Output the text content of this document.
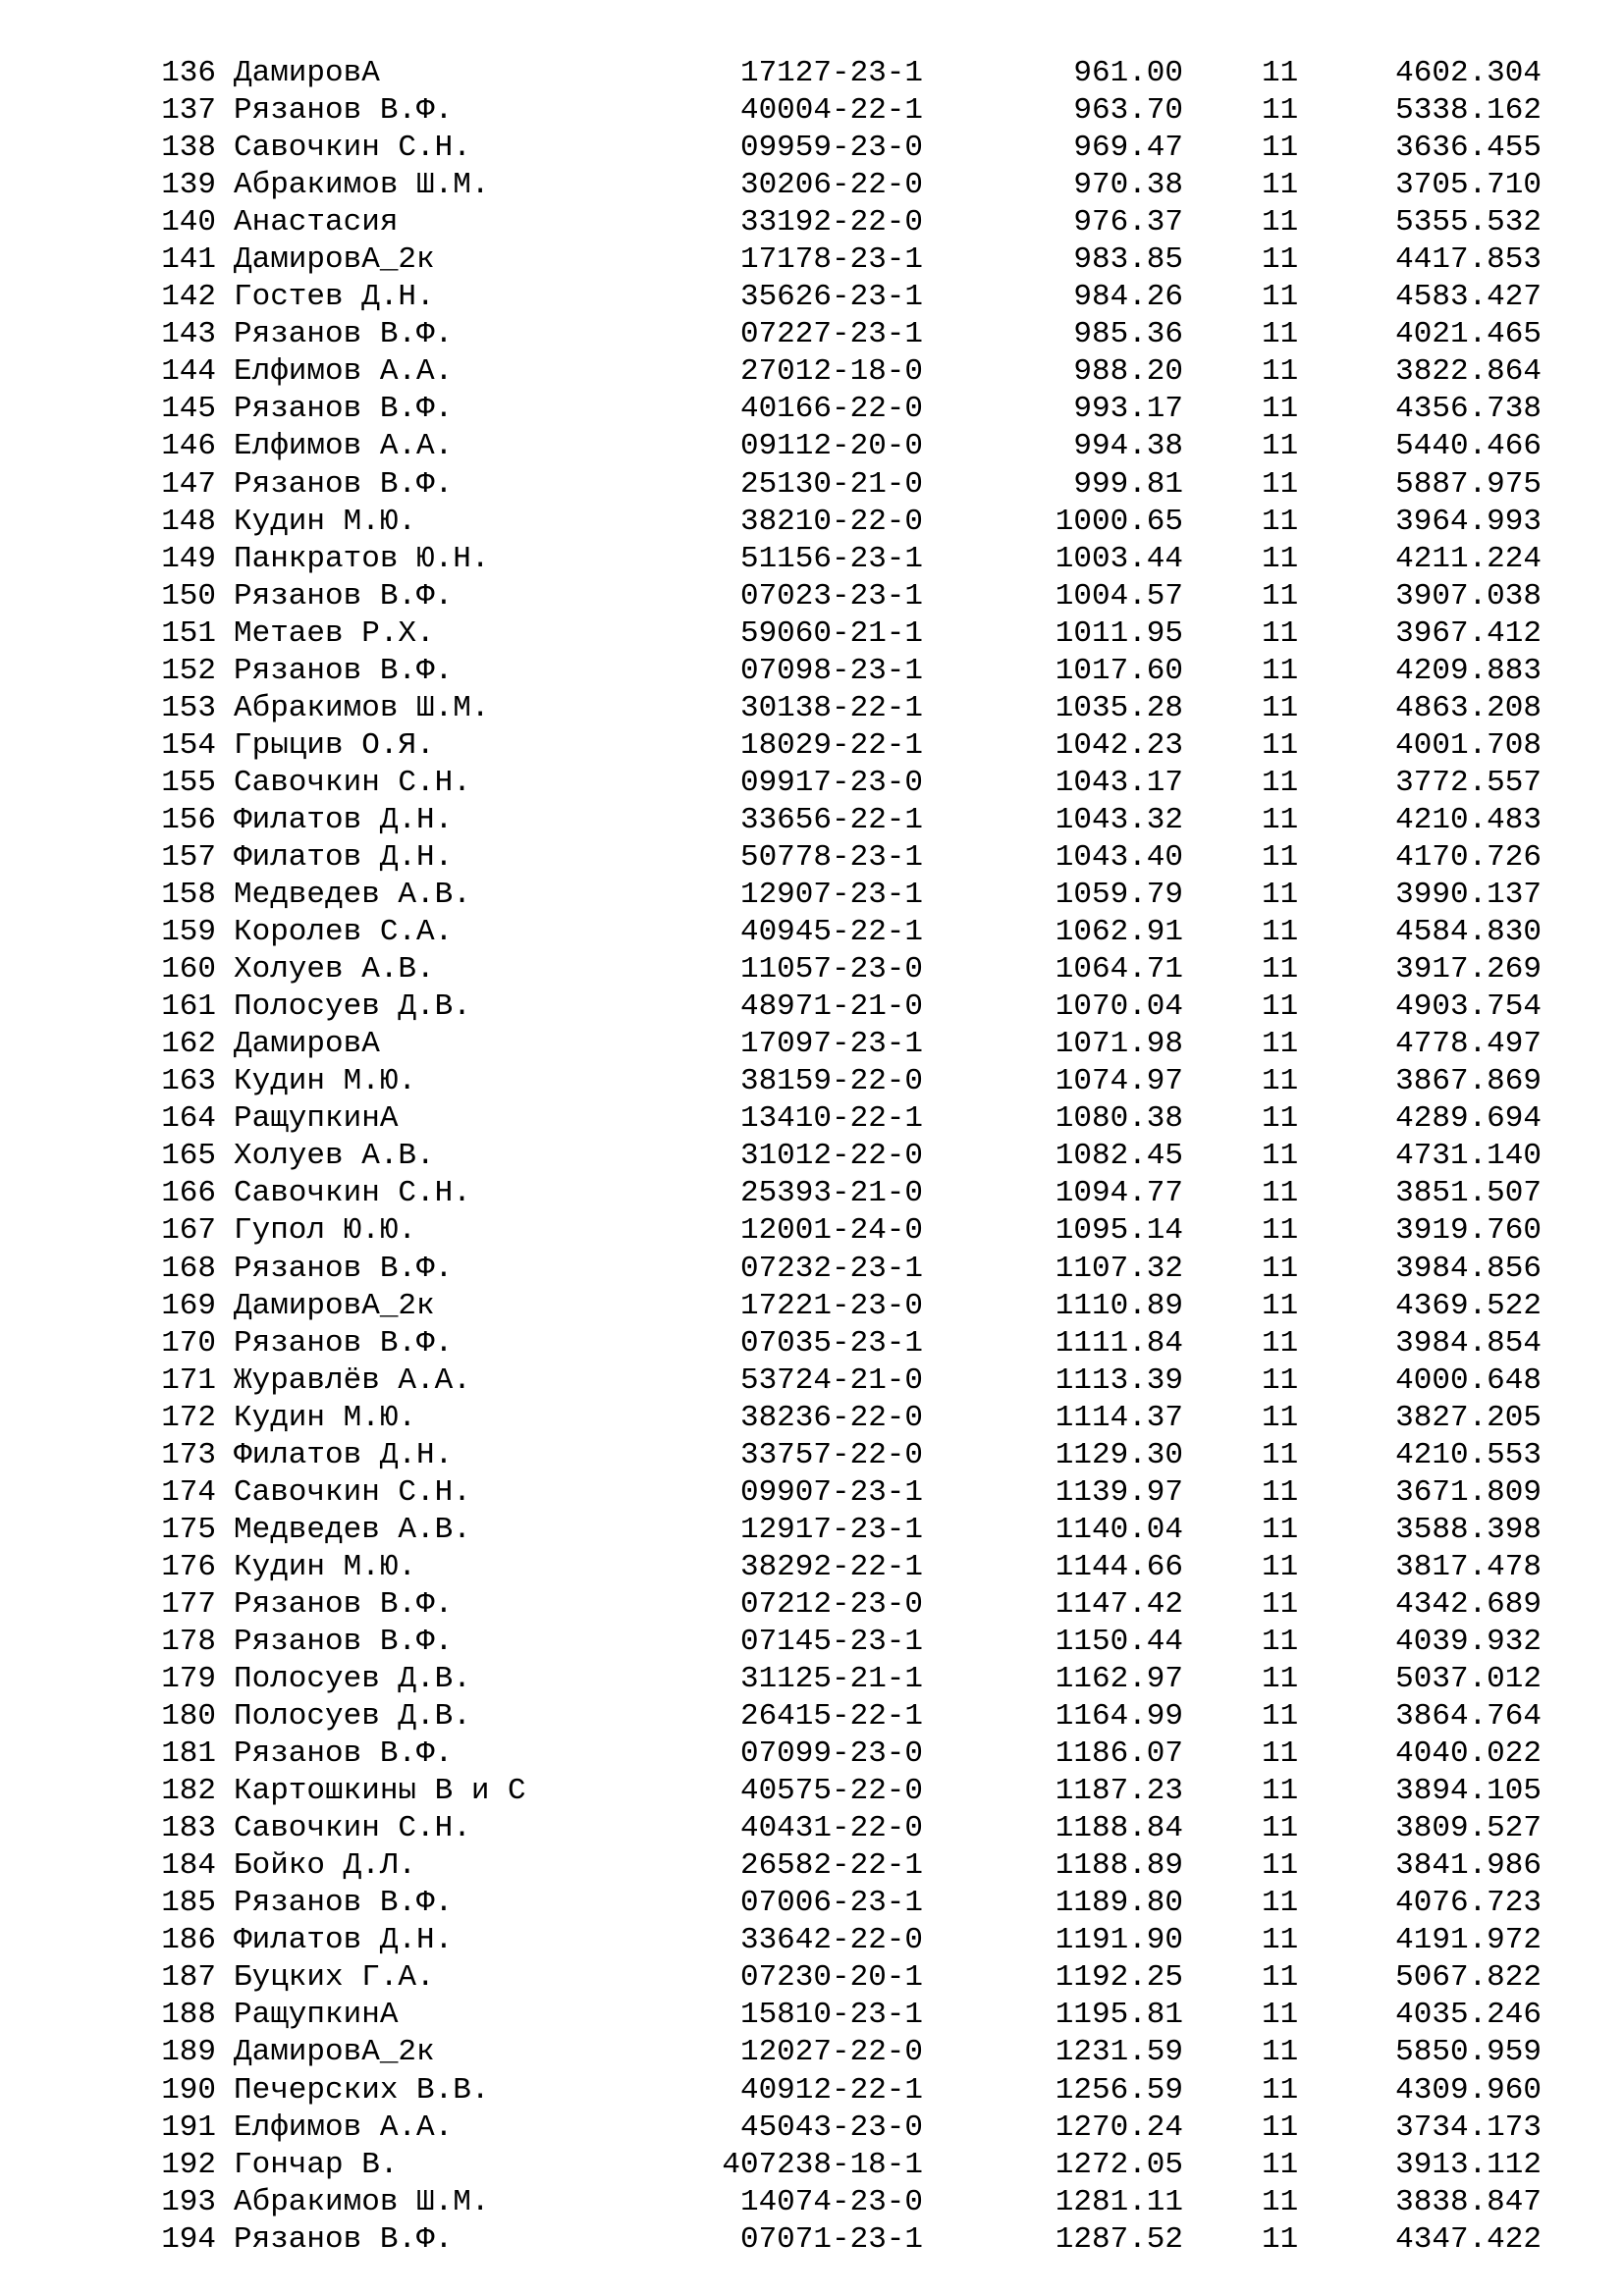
136 ДамировА	17127-23-1	961.00	11	4602.304
137 Рязанов В.Ф.	40004-22-1	963.70	11	5338.162
138 Савочкин С.Н.	09959-23-0	969.47	11	3636.455
139 Абракимов Ш.М.	30206-22-0	970.38	11	3705.710
140 Анастасия	33192-22-0	976.37	11	5355.532
141 ДамировА_2к	17178-23-1	983.85	11	4417.853
142 Гостев Д.Н.	35626-23-1	984.26	11	4583.427
143 Рязанов В.Ф.	07227-23-1	985.36	11	4021.465
144 Елфимов А.А.	27012-18-0	988.20	11	3822.864
145 Рязанов В.Ф.	40166-22-0	993.17	11	4356.738
146 Елфимов А.А.	09112-20-0	994.38	11	5440.466
147 Рязанов В.Ф.	25130-21-0	999.81	11	5887.975
148 Кудин М.Ю.	38210-22-0	1000.65	11	3964.993
149 Панкратов Ю.Н.	51156-23-1	1003.44	11	4211.224
150 Рязанов В.Ф.	07023-23-1	1004.57	11	3907.038
151 Метаев Р.Х.	59060-21-1	1011.95	11	3967.412
152 Рязанов В.Ф.	07098-23-1	1017.60	11	4209.883
153 Абракимов Ш.М.	30138-22-1	1035.28	11	4863.208
154 Грыцив О.Я.	18029-22-1	1042.23	11	4001.708
155 Савочкин С.Н.	09917-23-0	1043.17	11	3772.557
156 Филатов Д.Н.	33656-22-1	1043.32	11	4210.483
157 Филатов Д.Н.	50778-23-1	1043.40	11	4170.726
158 Медведев А.В.	12907-23-1	1059.79	11	3990.137
159 Королев С.А.	40945-22-1	1062.91	11	4584.830
160 Холуев А.В.	11057-23-0	1064.71	11	3917.269
161 Полосуев Д.В.	48971-21-0	1070.04	11	4903.754
162 ДамировА	17097-23-1	1071.98	11	4778.497
163 Кудин М.Ю.	38159-22-0	1074.97	11	3867.869
164 РащупкинА	13410-22-1	1080.38	11	4289.694
165 Холуев А.В.	31012-22-0	1082.45	11	4731.140
166 Савочкин С.Н.	25393-21-0	1094.77	11	3851.507
167 Гупол Ю.Ю.	12001-24-0	1095.14	11	3919.760
168 Рязанов В.Ф.	07232-23-1	1107.32	11	3984.856
169 ДамировА_2к	17221-23-0	1110.89	11	4369.522
170 Рязанов В.Ф.	07035-23-1	1111.84	11	3984.854
171 Журавлёв А.А.	53724-21-0	1113.39	11	4000.648
172 Кудин М.Ю.	38236-22-0	1114.37	11	3827.205
173 Филатов Д.Н.	33757-22-0	1129.30	11	4210.553
174 Савочкин С.Н.	09907-23-1	1139.97	11	3671.809
175 Медведев А.В.	12917-23-1	1140.04	11	3588.398
176 Кудин М.Ю.	38292-22-1	1144.66	11	3817.478
177 Рязанов В.Ф.	07212-23-0	1147.42	11	4342.689
178 Рязанов В.Ф.	07145-23-1	1150.44	11	4039.932
179 Полосуев Д.В.	31125-21-1	1162.97	11	5037.012
180 Полосуев Д.В.	26415-22-1	1164.99	11	3864.764
181 Рязанов В.Ф.	07099-23-0	1186.07	11	4040.022
182 Картошкины В и С	40575-22-0	1187.23	11	3894.105
183 Савочкин С.Н.	40431-22-0	1188.84	11	3809.527
184 Бойко Д.Л.	26582-22-1	1188.89	11	3841.986
185 Рязанов В.Ф.	07006-23-1	1189.80	11	4076.723
186 Филатов Д.Н.	33642-22-0	1191.90	11	4191.972
187 Буцких Г.А.	07230-20-1	1192.25	11	5067.822
188 РащупкинА	15810-23-1	1195.81	11	4035.246
189 ДамировА_2к	12027-22-0	1231.59	11	5850.959
190 Печерских В.В.	40912-22-1	1256.59	11	4309.960
191 Елфимов А.А.	45043-23-0	1270.24	11	3734.173
192 Гончар В.	407238-18-1	1272.05	11	3913.112
193 Абракимов Ш.М.	14074-23-0	1281.11	11	3838.847
194 Рязанов В.Ф.	07071-23-1	1287.52	11	4347.422
